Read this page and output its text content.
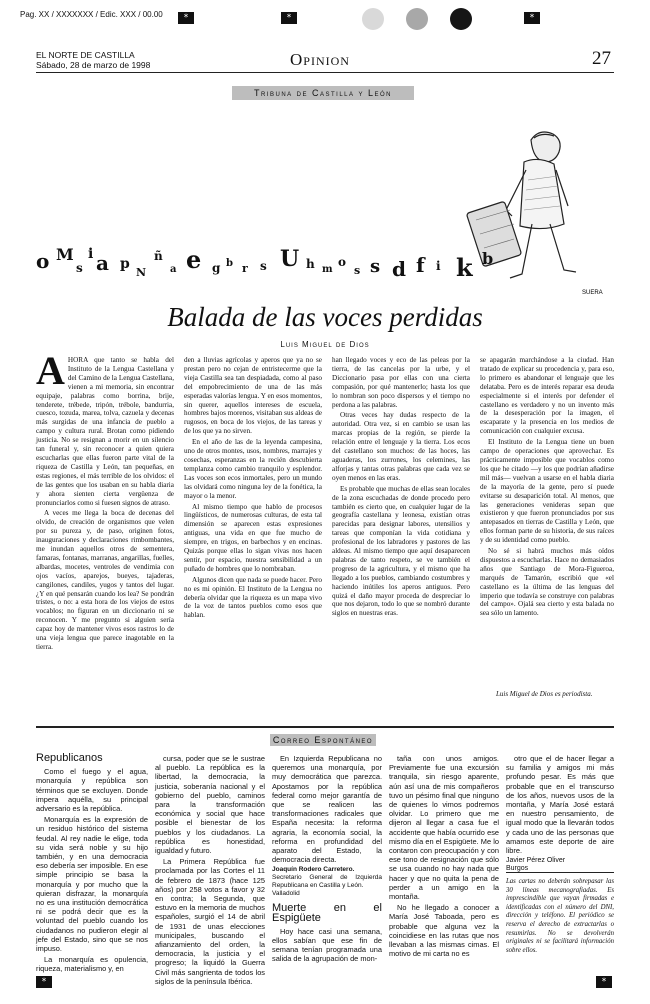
Pag. XX / XXXXXXX / Edic. XXX / 00.00	*	*	*
EL NORTE DE CASTILLA
Sábado, 28 de marzo de 1998	Opinion	27
Tribuna de Castilla y León
o M
s
i a p
N
ñ
a e g b r s U h m
o
s s d f i k b
SUERA
Balada de las voces perdidas
Luis Miguel de Dios
A HORA que tanto se habla del Instituto de la Lengua Castellana y del Camino de la Lengua Castellana, vienen a mi memoria, sin encontrar equipaje, palabras como borrina, brije, tenderete, trébede, tripón, trébole, bandurria, cuesco, tozuda, marea, tolva, cazuela y decenas más surgidas de una infancia de pueblo a campo y cultura rural. Brotan como pidiendo justicia. No se resignan a morir en un silencio tan funeral y, sin reconocer a quien quiera escucharlas que ellas fueron parte vital de la riqueza de Castilla y León, tan pequeñas, en estas regiones, el más terrible de los olvidos: el de las gentes que los usaban en su habla diaria y ahora sienten cierta vergüenza de pronunciarlos como si fuesen signos de atraso.

A veces me llega la boca de decenas del olvido, de creación de organismos que velen por su pureza y, de paso, originen fotos, inauguraciones y declaraciones rimbombantes, me inundan aquellos otros de sementera, famaras, fontanas, marranas, angarillas, fuelles, albardas, mocetes, ventroles de vendimia con ojos vacíos, aparejos, bueyes, tajaderas, cangilones, candiles, yugos y tantos del lugar. ¿Y en qué pensarán cuando los lea? Se pondrán tristes, o no: a esta hora de los viejos de estos vocablos; no figuran en un diccionario ni se reconocen. Y me pregunto si alguien sería capaz hoy de mantener vivos esos rastros lo de una vieja lengua que parece inagotable en la tierra.

den a lluvias agrícolas y aperos que ya no se prestan pero no cejan de entristecerme que la vieja Castilla sea tan despiadada, como al paso del empobrecimiento de una de las más esperadas valorías lengua. Y en esos momentos, sin querer, aquellos intereses de escuela, hombres bajos morenos, visitaban sus aldeas de rugosos, en boca de los viejos, de las tareas y de los que ya no sirven.

En el año de las de la leyenda campesina, uno de otros montes, usos, nombres, marrajes y cosechas, esperanzas en la recién descubierta templanza como cambio tranquilo y esplendor. Las voces son ecos inmortales, pero un mundo las olvidará como ninguna ley de la fonética, la mayor o la menor.

Al mismo tiempo que hablo de procesos lingüísticos, de numerosas culturas, de esta tal dimensión se aparecen estas expresiones antiguas, una vida en que fue mucho de siempre, en trigos, en barbechos y en encinas. Quizás porque ellas lo sigan vivas nos hacen sentir, por espacio, nuestra sensibilidad a un puñado de hombres que lo nombraban.

Algunos dicen que nada se puede hacer. Pero no es mi opinión. El Instituto de la Lengua no debería olvidar que la riqueza es un mapa vivo de la voz de tantos pueblos como esos que hablan.

han llegado voces y eco de las peleas por la tierra, de las cancelas por la urbe, y el Diccionario pasa por ellas con una cierta compasión, por qué mantenerlo; hasta los que lo nombran son poco dispersos y el tiempo no perdona a las palabras.

Otras veces hay dudas respecto de la autoridad. Otra vez, si en cambio se usan las marcas propias de la región, se pierde la relación entre el lenguaje y la tierra. Los ecos del castellano son muchos: de las hoces, las aguaderas, los zurrones, los celemines, las alforjas y tantas otras palabras que cada vez se oyen menos en las eras.

Es probable que muchas de ellas sean locales de la zona escuchadas de donde procedo pero también es cierto que, en cualquier lugar de la geografía castellana y leonesa, existían otras parecidas para designar labores, utensilios y tareas que componían la vida cotidiana y profesional de los labradores y pastores de las aldeas. Al mismo tiempo que aquí desaparecen palabras de tanto respeto, se ve también el progreso de la agricultura, y el mismo que ha llegado a los pueblos, cambiando costumbres y haciendo inútiles los aperos antiguos. Pero quizá el daño mayor proceda de despreciar lo que nos dejaron, todo lo que se nombró durante siglos en nuestras eras.

se apagarán marchándose a la ciudad. Han tratado de explicar su procedencia y, para eso, lo primero es abandonar el lenguaje que les delataba. Pero es de interés reparar esa deuda especialmente si el interés por defender el castellano es verdadero y no un invento más de la desesperación por la imagen, el escaparate y la presencia en los medios de comunicación con cualquier excusa.

El Instituto de la Lengua tiene un buen campo de operaciones que aprovechar. Es prácticamente imposible que vocablos como los que he citado —y los que podrían añadirse mil más— vuelvan a usarse en el habla diaria de la mayoría de la gente, pero sí puede evitarse su desaparición total. Al menos, que las generaciones venideras sepan que existieron y que fueron pronunciados por sus antepasados en tierras de Castilla y León, que ellos forman parte de su historia, de sus raíces y de su identidad como pueblo.

No sé si habrá muchos más oídos dispuestos a escucharlas. Hace no demasiados años que Santiago de Mora-Figueroa, marqués de Tamarón, escribió que «el castellano es la última de las lenguas del imperio que todavía se construye con palabras del campo». Ojalá sea cierto y esta balada no sea sólo un lamento.

Luis Miguel de Dios es periodista.
Correo Espontáneo
Republicanos

Como el fuego y el agua, monarquía y república son términos que se excluyen. Donde impera aquélla, su principal adversario es la república.

Monarquía es la expresión de un residuo histórico del sistema feudal. Al rey nadie le elige, toda su vida será noble y su hijo también, y en una democracia eso debería ser imposible. En ese simple principio se basa la monarquía y por mucho que la quieran disfrazar, la monarquía no es una institución democrática ni se podrá decir que es la voluntad del pueblo cuando los ciudadanos no pudieron elegir al jefe del Estado, sino que se nos impuso.

La monarquía es opulencia, riqueza, materialismo y, en

cursa, poder que se le sustrae al pueblo. La república es la libertad, la democracia, la justicia, soberanía nacional y el gobierno del pueblo, caminos para la transformación económica y social que hace posible el bienestar de los pueblos y los ciudadanos. La república es honestidad, igualdad y futuro.

La Primera República fue proclamada por las Cortes el 11 de febrero de 1873 (hace 125 años) por 258 votos a favor y 32 en contra; la Segunda, que estuvo en la memoria de muchos españoles, surgió el 14 de abril de 1931 de unas elecciones municipales, buscando el afianzamiento del orden, la democracia, la justicia y el progreso; la liquidó la Guerra Civil más sangrienta de todos los siglos de la península Ibérica.

En Izquierda Republicana no queremos una monarquía, por muy democrática que parezca. Apostamos por la república federal como mejor garantía de que se realicen las transformaciones radicales que España necesita: la reforma agraria, la economía social, la reforma en profundidad del aparato del Estado, la democracia directa.

Joaquín Rodero Carretero.
Secretario General de Izquierda Republicana en Castilla y León.
Valladolid
Muerte en el Espigüete

Hoy hace casi una semana, ellos sabían que ese fin de semana tenían programada una salida de la agrupación de mon-

taña con unos amigos. Previamente fue una excursión tranquila, sin riesgo aparente, aún así una de mis compañeros tuvo un pésimo final que ninguno de quienes lo vimos podremos olvidar. Lo primero que me dijeron al llegar a casa fue el accidente que había ocurrido ese mismo día en el Espigüete. Me lo contaron con preocupación y con ese tono de resignación que sólo se usa cuando no hay nada que hacer y que no quita la pena de perder a un amigo en la montaña.

No he llegado a conocer a María José Taboada, pero es probable que alguna vez la coincidiese en las rutas que nos llevaban a las mismas cimas. El motivo de mi carta no es

otro que el de hacer llegar a su familia y amigos mi más profundo pesar. Es más que probable que en el transcurso de los años, nuevos usos de la montaña, y María José estará en nuestro pensamiento, de igual modo que la llevarán todos y cada uno de las personas que amamos este deporte de aire libre.

Javier Pérez Oliver
Burgos
Las cartas no deberán sobrepasar las 30 líneas mecanografiadas. Es imprescindible que vayan firmadas e identificadas con el número del DNI, dirección y teléfono. El periódico se reserva el derecho de extractarlas o resumirlas. No se devolverán originales ni se facilitará información sobre ellos.
*	*
